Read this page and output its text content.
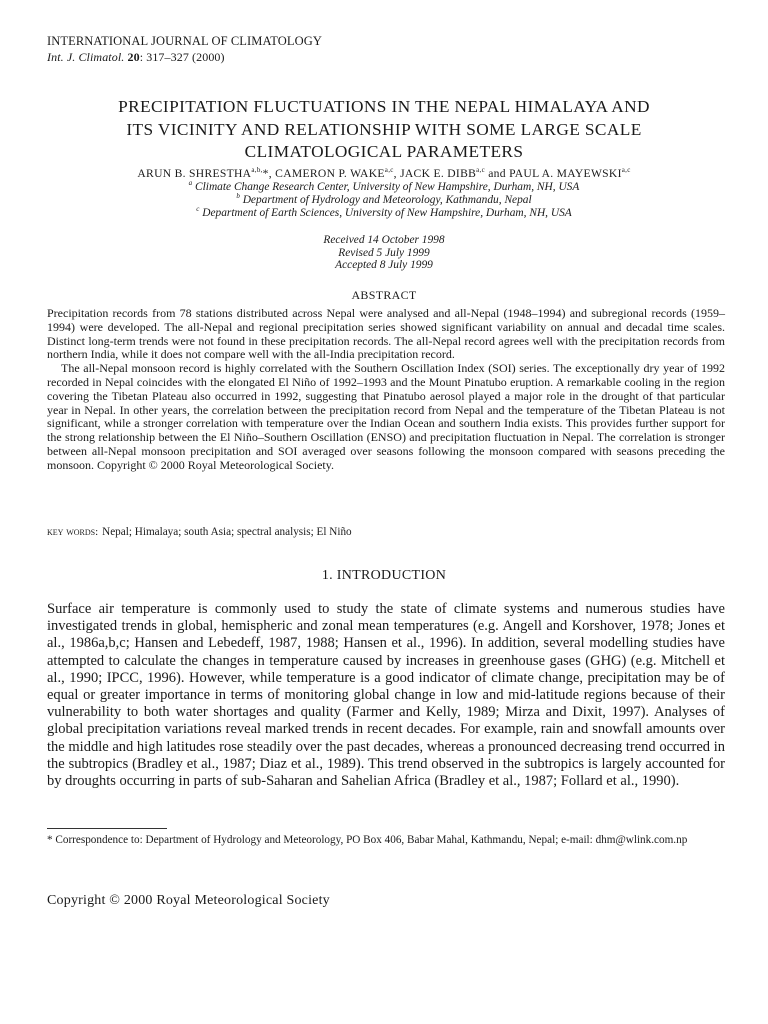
INTERNATIONAL JOURNAL OF CLIMATOLOGY
Int. J. Climatol. 20: 317–327 (2000)
PRECIPITATION FLUCTUATIONS IN THE NEPAL HIMALAYA AND
ITS VICINITY AND RELATIONSHIP WITH SOME LARGE SCALE
CLIMATOLOGICAL PARAMETERS
ARUN B. $SHRESTHA^{a,b,}*$, CAMERON P. WAKE$^{a,c}$, JACK E. DIBB$^{a,c}$ and PAUL A. MAYEWSKI$^{a,c}$
$^a$ Climate Change Research Center, University of New Hampshire, Durham, NH, USA
$^b$ Department of Hydrology and Meteorology, Kathmandu, Nepal
$^c$ Department of Earth Sciences, University of New Hampshire, Durham, NH, USA
Received 14 October 1998
Revised 5 July 1999
Accepted 8 July 1999
ABSTRACT

Precipitation records from 78 stations distributed across Nepal were analysed and all-Nepal (1948–1994) and subregional records (1959–1994) were developed. The all-Nepal and regional precipitation series showed significant variability on annual and decadal time scales. Distinct long-term trends were not found in these precipitation records. The all-Nepal record agrees well with the precipitation records from northern India, while it does not compare well with the all-India precipitation record.

The all-Nepal monsoon record is highly correlated with the Southern Oscillation Index (SOI) series. The exceptionally dry year of 1992 recorded in Nepal coincides with the elongated El Niño of 1992–1993 and the Mount Pinatubo eruption. A remarkable cooling in the region covering the Tibetan Plateau also occurred in 1992, suggesting that Pinatubo aerosol played a major role in the drought of that particular year in Nepal. In other years, the correlation between the precipitation record from Nepal and the temperature of the Tibetan Plateau is not significant, while a stronger correlation with temperature over the Indian Ocean and southern India exists. This provides further support for the strong relationship between the El Niño–Southern Oscillation (ENSO) and precipitation fluctuation in Nepal. The correlation is stronger between all-Nepal monsoon precipitation and SOI averaged over seasons following the monsoon compared with seasons preceding the monsoon. Copyright © 2000 Royal Meteorological Society.

key words: Nepal; Himalaya; south Asia; spectral analysis; El Niño
1. INTRODUCTION

Surface air temperature is commonly used to study the state of climate systems and numerous studies have investigated trends in global, hemispheric and zonal mean temperatures (e.g. Angell and Korshover, 1978; Jones et al., 1986a,b,c; Hansen and Lebedeff, 1987, 1988; Hansen et al., 1996). In addition, several modelling studies have attempted to calculate the changes in temperature caused by increases in greenhouse gases (GHG) (e.g. Mitchell et al., 1990; IPCC, 1996). However, while temperature is a good indicator of climate change, precipitation may be of equal or greater importance in terms of monitoring global change in low and mid-latitude regions because of their vulnerability to both water shortages and quality (Farmer and Kelly, 1989; Mirza and Dixit, 1997). Analyses of global precipitation variations reveal marked trends in recent decades. For example, rain and snowfall amounts over the middle and high latitudes rose steadily over the past decades, whereas a pronounced decreasing trend occurred in the subtropics (Bradley et al., 1987; Diaz et al., 1989). This trend observed in the subtropics is largely accounted for by droughts occurring in parts of sub-Saharan and Sahelian Africa (Bradley et al., 1987; Follard et al., 1990).

* Correspondence to: Department of Hydrology and Meteorology, PO Box 406, Babar Mahal, Kathmandu, Nepal; e-mail: dhm@wlink.com.np
Copyright © 2000 Royal Meteorological Society
